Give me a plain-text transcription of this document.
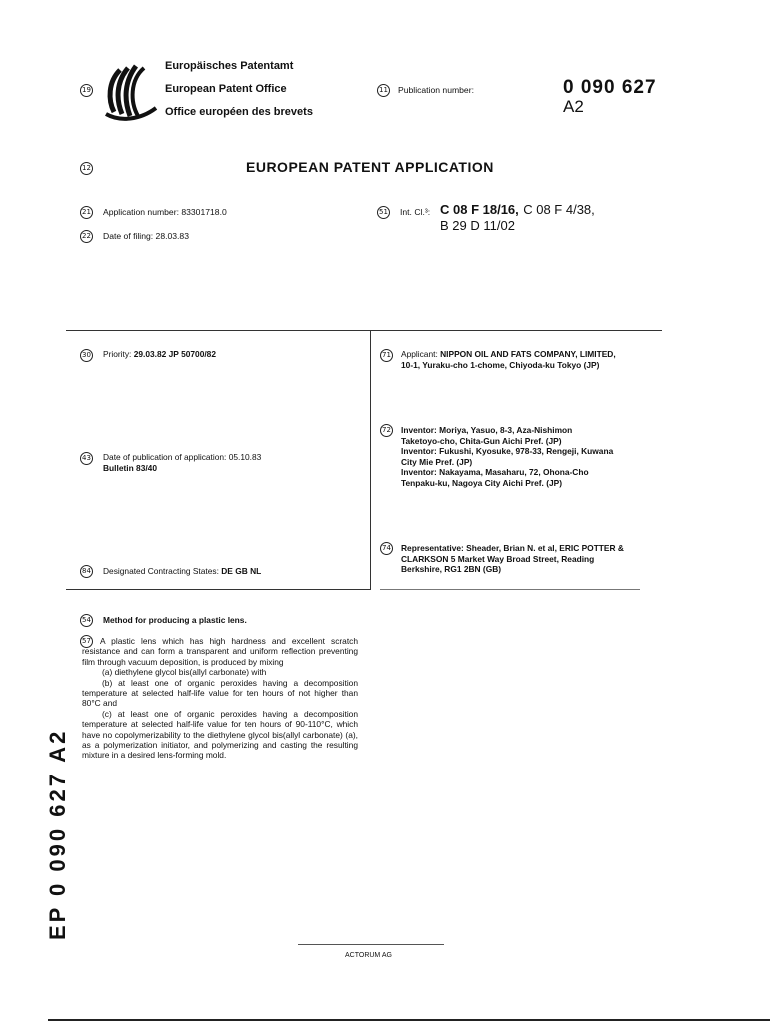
19
Europäisches Patentamt
European Patent Office
Office européen des brevets
11 Publication number:	0 090 627
A2
12	EUROPEAN PATENT APPLICATION
21 Application number: 83301718.0
22 Date of filing: 28.03.83
51 Int. Cl.³: C 08 F 18/16, C 08 F 4/38,
B 29 D 11/02
30 Priority: 29.03.82 JP 50700/82
43 Date of publication of application: 05.10.83
Bulletin 83/40
84 Designated Contracting States: DE GB NL
71 Applicant: NIPPON OIL AND FATS COMPANY, LIMITED,
10-1, Yuraku-cho 1-chome, Chiyoda-ku Tokyo (JP)
72 Inventor: Moriya, Yasuo, 8-3, Aza-Nishimon
Taketoyo-cho, Chita-Gun Aichi Pref. (JP)
Inventor: Fukushi, Kyosuke, 978-33, Rengeji, Kuwana
City Mie Pref. (JP)
Inventor: Nakayama, Masaharu, 72, Ohona-Cho
Tenpaku-ku, Nagoya City Aichi Pref. (JP)
74 Representative: Sheader, Brian N. et al, ERIC POTTER &
CLARKSON 5 Market Way Broad Street, Reading
Berkshire, RG1 2BN (GB)
54 Method for producing a plastic lens.
57	A plastic lens which has high hardness and excellent scratch resistance and can form a transparent and uniform reflection preventing film through vacuum deposition, is produced by mixing

(a) diethylene glycol bis(allyl carbonate) with

(b) at least one of organic peroxides having a decomposition temperature at selected half-life value for ten hours of not higher than 80°C and

(c) at least one of organic peroxides having a decomposition temperature at selected half-life value for ten hours of 90-110°C, which have no copolymerizability to the diethylene glycol bis(allyl carbonate) (a), as a polymerization initiator, and polymerizing and casting the resulting mixture in a desired lens-forming mold.

EP 0 090 627 A2
ACTORUM AG
